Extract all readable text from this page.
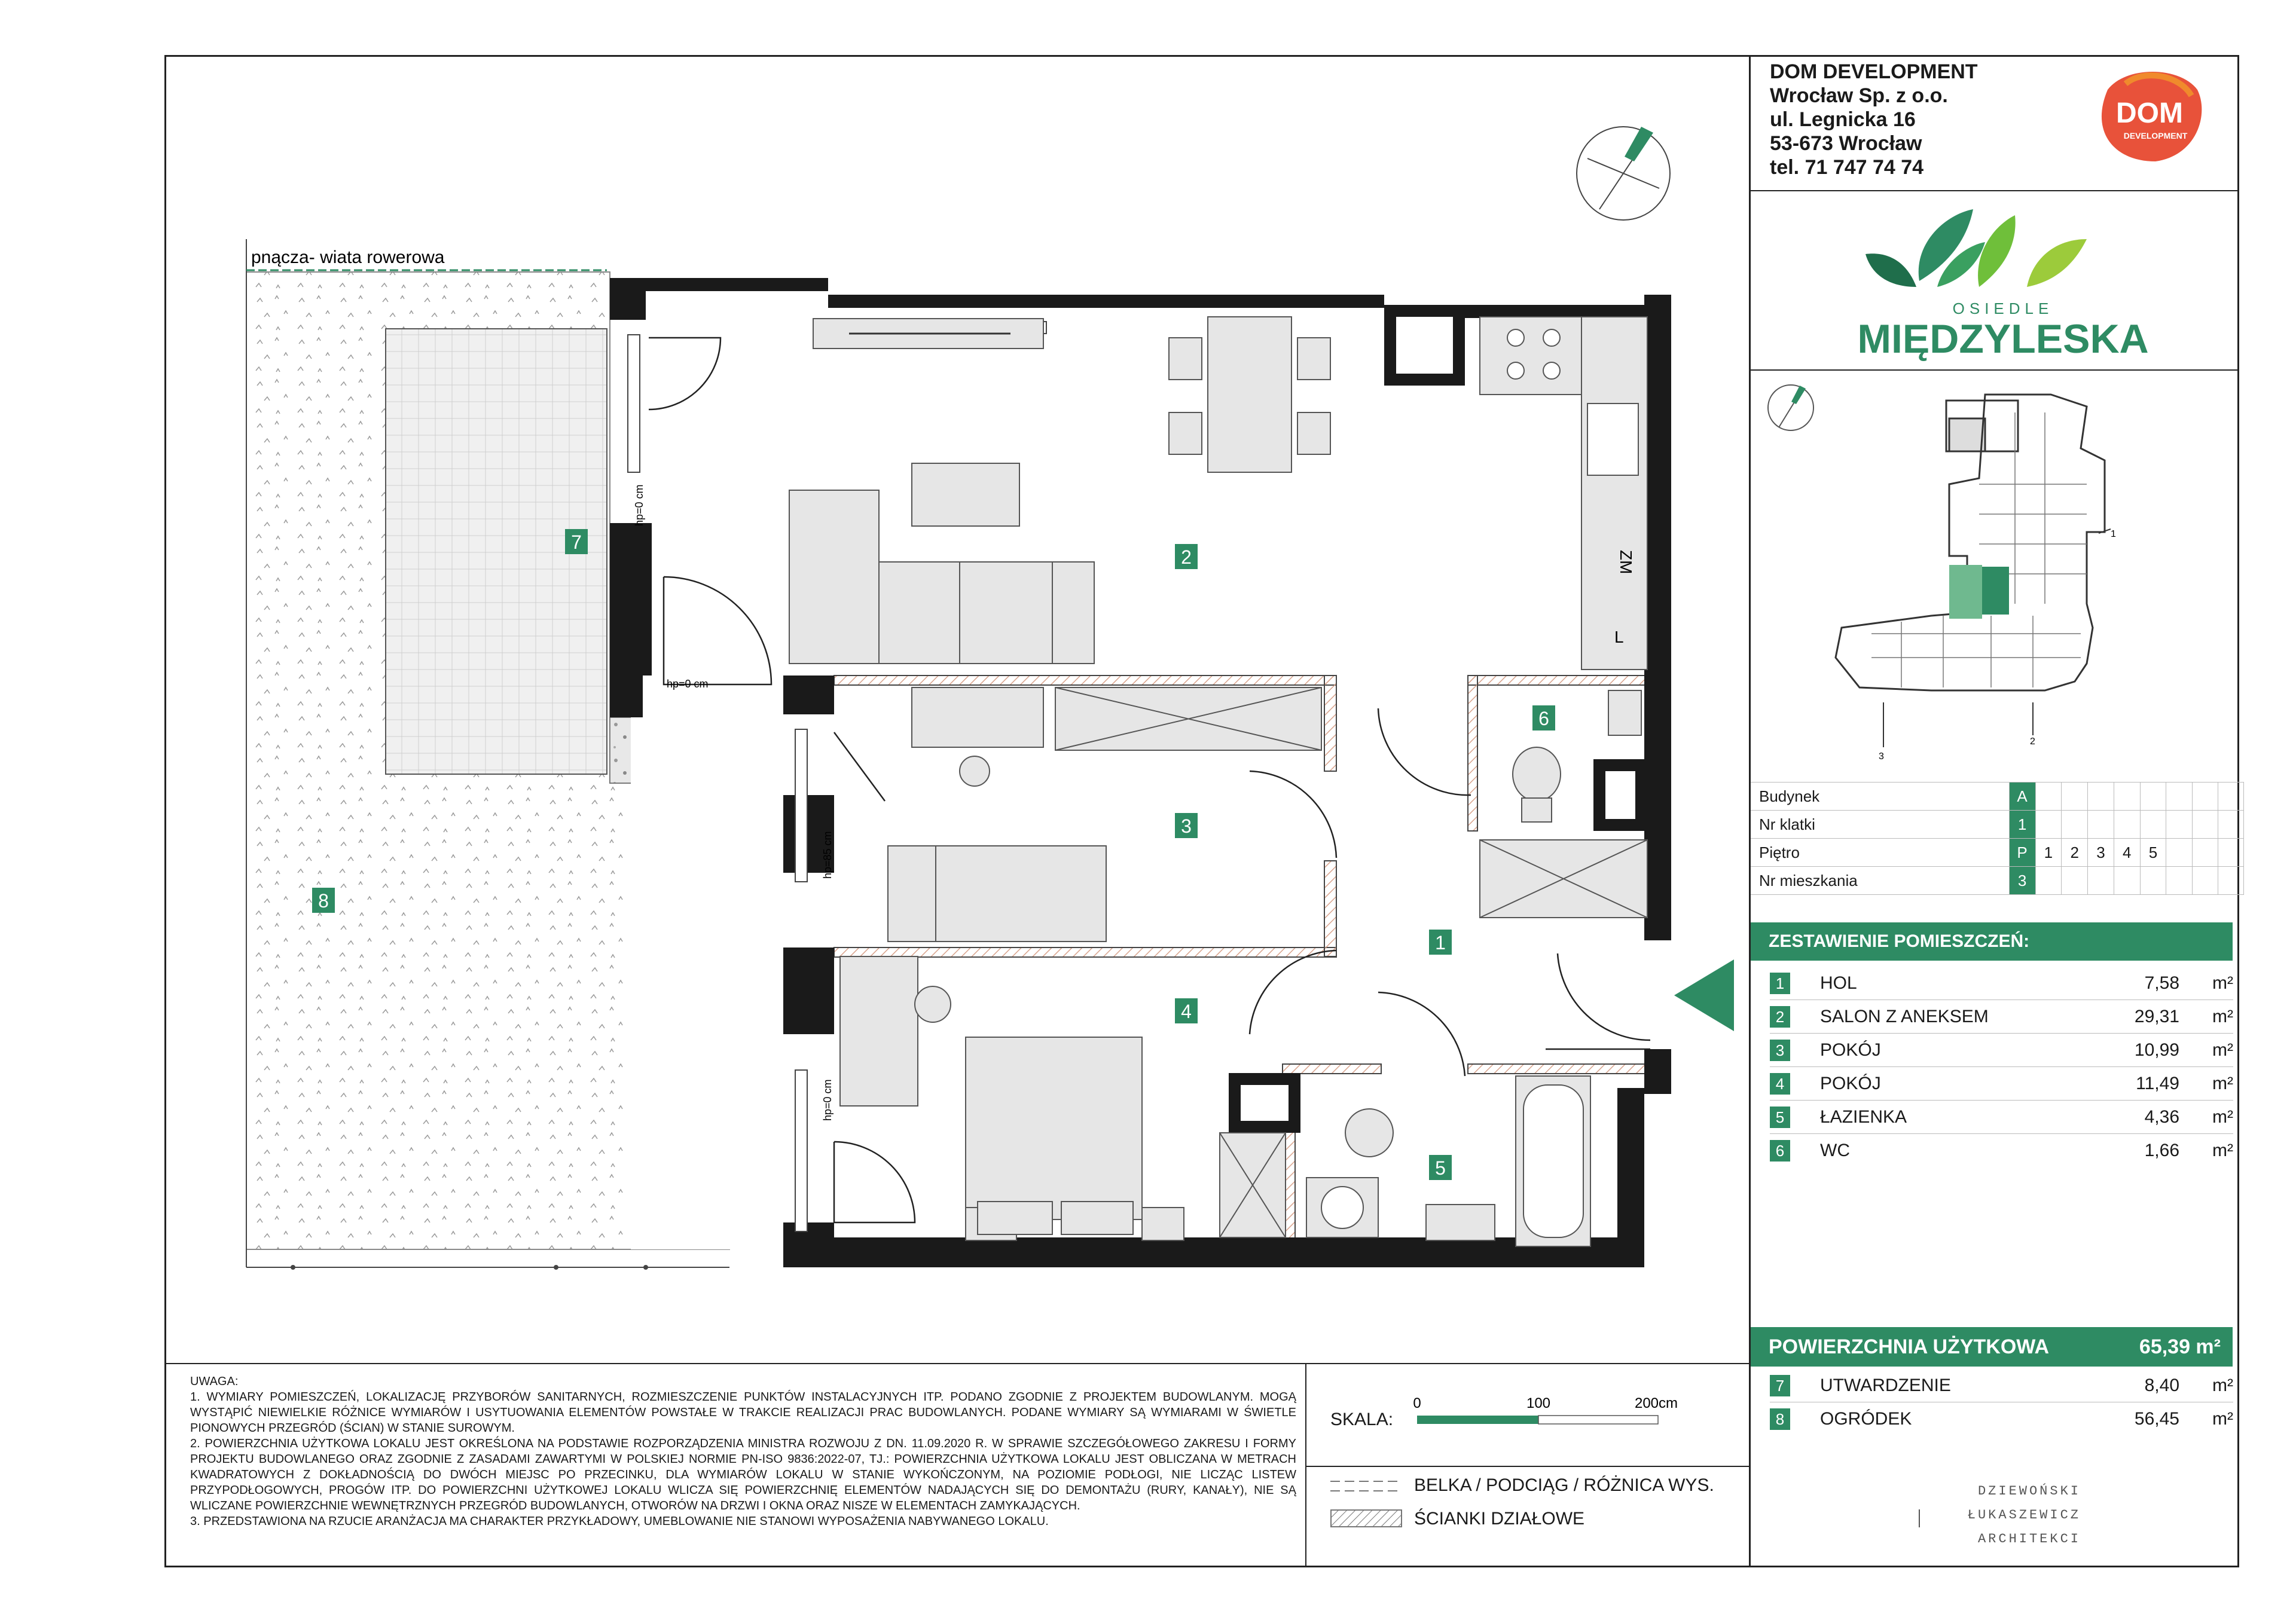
DOM DEVELOPMENT
Wrocław Sp. z o.o.
ul. Legnicka 16
53-673 Wrocław
tel. 71 747 74 74
DOM
DEVELOPMENT
OSIEDLE
MIĘDZYLESKA
1
2
3
Budynek	A								
Nr klatki	1								
Piętro	P	1	2	3	4	5			
Nr mieszkania	3								
ZESTAWIENIE POMIESZCZEŃ:
1	HOL	7,58 m²
2	SALON Z ANEKSEM	29,31 m²
3	POKÓJ	10,99 m²
4	POKÓJ	11,49 m²
5	ŁAZIENKA	4,36 m²
6	WC	1,66 m²
POWIERZCHNIA UŻYTKOWA	65,39 m²
7	UTWARDZENIE	8,40 m²
8	OGRÓDEK	56,45 m²
DZIEWOŃSKI
ŁUKASZEWICZ
ARCHITEKCI
UWAGA:
1. WYMIARY POMIESZCZEŃ, LOKALIZACJĘ PRZYBORÓW SANITARNYCH, ROZMIESZCZENIE PUNKTÓW INSTALACYJNYCH ITP. PODANO ZGODNIE Z PROJEKTEM BUDOWLANYM. MOGĄ WYSTĄPIĆ NIEWIELKIE RÓŻNICE WYMIARÓW I USYTUOWANIA ELEMENTÓW POWSTAŁE W TRAKCIE REALIZACJI PRAC BUDOWLANYCH. PODANE WYMIARY SĄ WYMIARAMI W ŚWIETLE PIONOWYCH PRZEGRÓD (ŚCIAN) W STANIE SUROWYM.
2. POWIERZCHNIA UŻYTKOWA LOKALU JEST OKREŚLONA NA PODSTAWIE ROZPORZĄDZENIA MINISTRA ROZWOJU Z DN. 11.09.2020 R. W SPRAWIE SZCZEGÓŁOWEGO ZAKRESU I FORMY PROJEKTU BUDOWLANEGO ORAZ ZGODNIE Z ZASADAMI ZAWARTYMI W POLSKIEJ NORMIE PN-ISO 9836:2022-07, TJ.: POWIERZCHNIA UŻYTKOWA LOKALU JEST OBLICZANA W METRACH KWADRATOWYCH Z DOKŁADNOŚCIĄ DO DWÓCH MIEJSC PO PRZECINKU, DLA WYMIARÓW LOKALU W STANIE WYKOŃCZONYM, NA POZIOMIE PODŁOGI, NIE LICZĄC LISTEW PRZYPODŁOGOWYCH, PROGÓW ITP. DO POWIERZCHNI UŻYTKOWEJ LOKALU WLICZA SIĘ POWIERZCHNIĘ ELEMENTÓW NADAJĄCYCH SIĘ DO DEMONTAŻU (RURY, KANAŁY), NIE SĄ WLICZANE POWIERZCHNIE WEWNĘTRZNYCH PRZEGRÓD BUDOWLANYCH, OTWORÓW NA DRZWI I OKNA ORAZ NISZE W ELEMENTACH ZAMYKAJĄCYCH.
3. PRZEDSTAWIONA NA RZUCIE ARANŻACJA MA CHARAKTER PRZYKŁADOWY, UMEBLOWANIE NIE STANOWI WYPOSAŻENIA NABYWANEGO LOKALU.
SKALA:
0	100	200cm
BELKA / PODCIĄG / RÓŻNICA WYS.
ŚCIANKI DZIAŁOWE
pnącza- wiata rowerowa
ZM
L
hp=0 cm
hp=0 cm
hp=85 cm
hp=0 cm
1
2
3
4
5
6
7
8
